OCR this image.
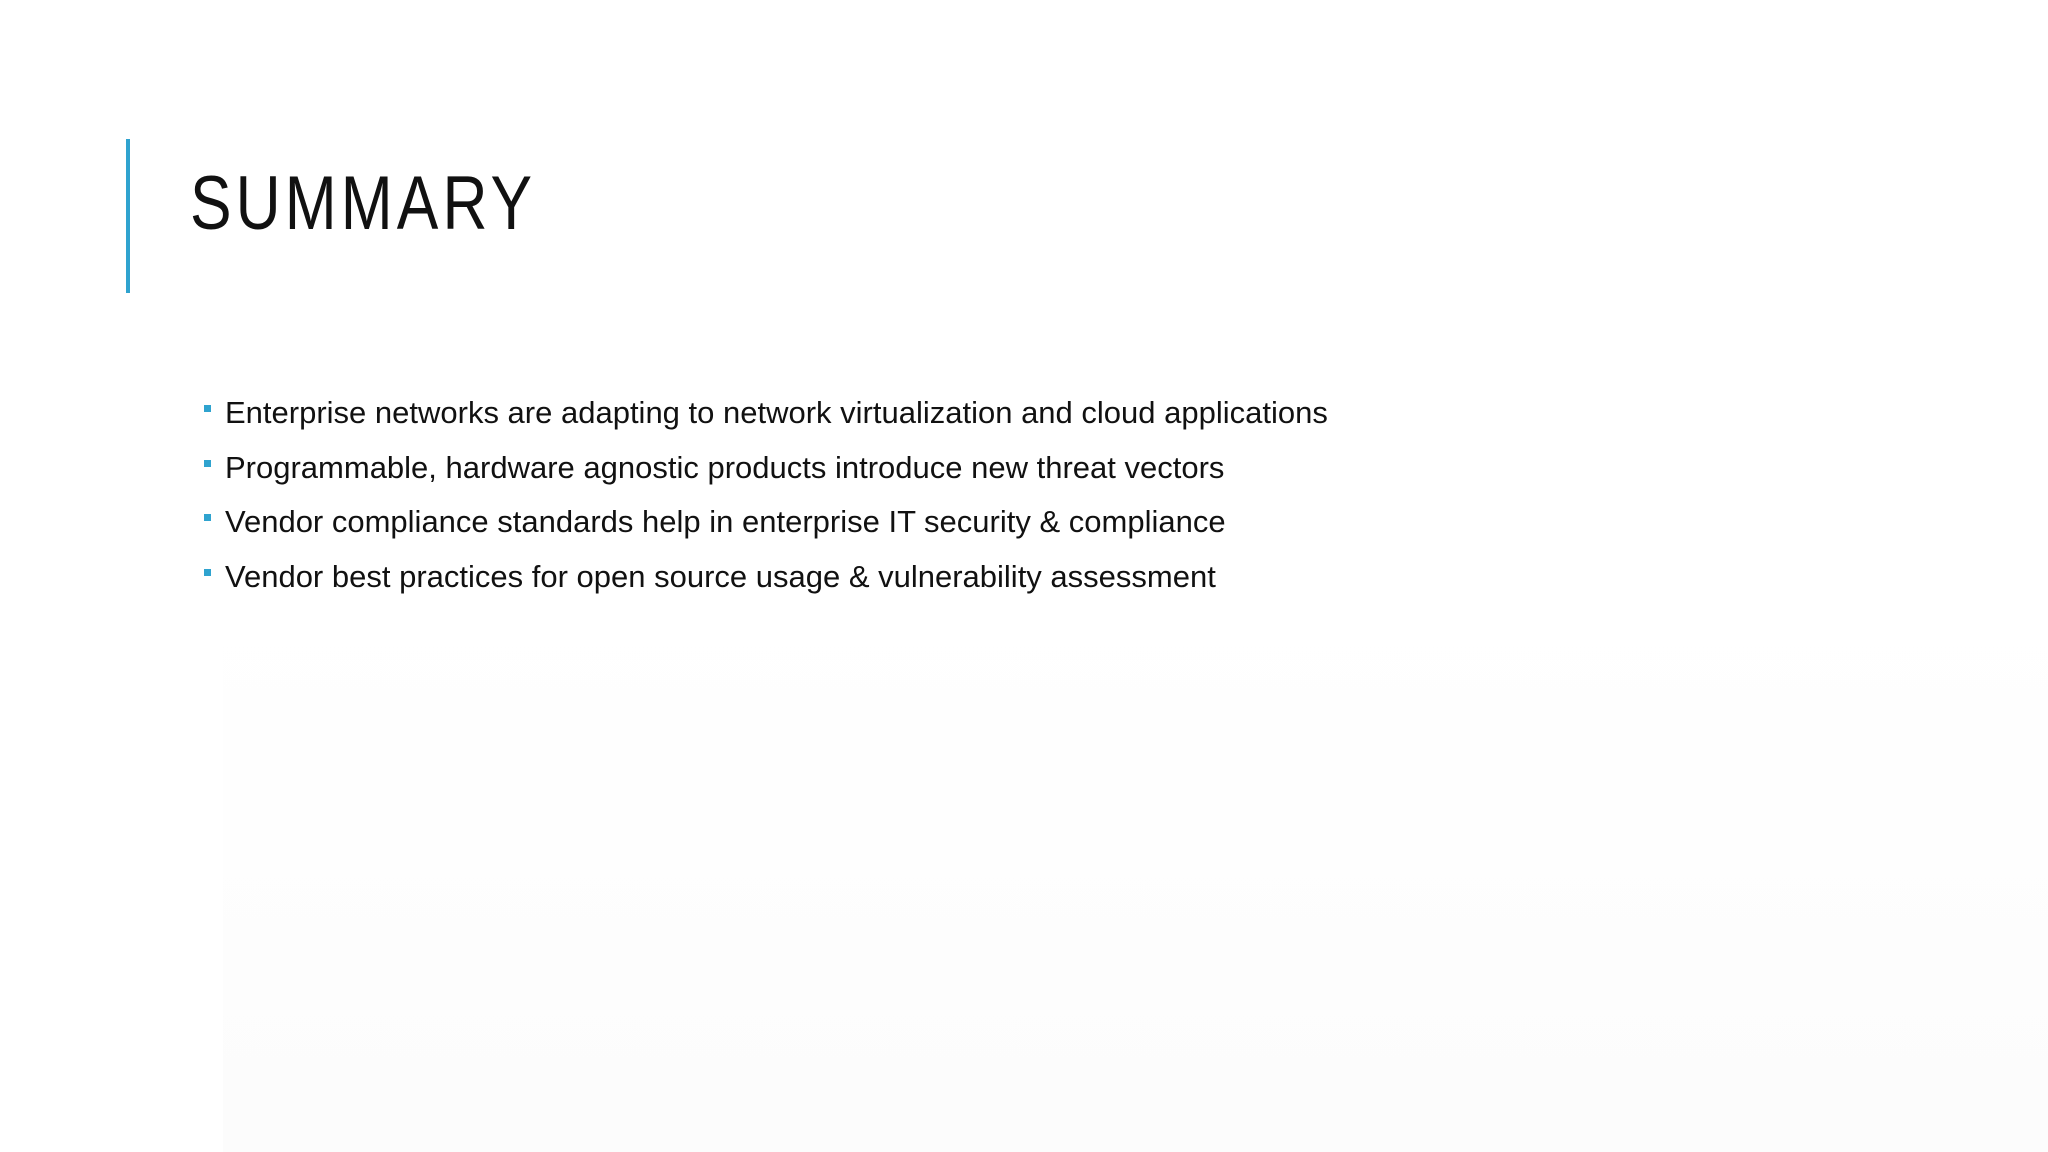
SUMMARY
Enterprise networks are adapting to network virtualization and cloud applications
Programmable, hardware agnostic products introduce new threat vectors
Vendor compliance standards help in enterprise IT security & compliance
Vendor best practices for open source usage & vulnerability assessment
